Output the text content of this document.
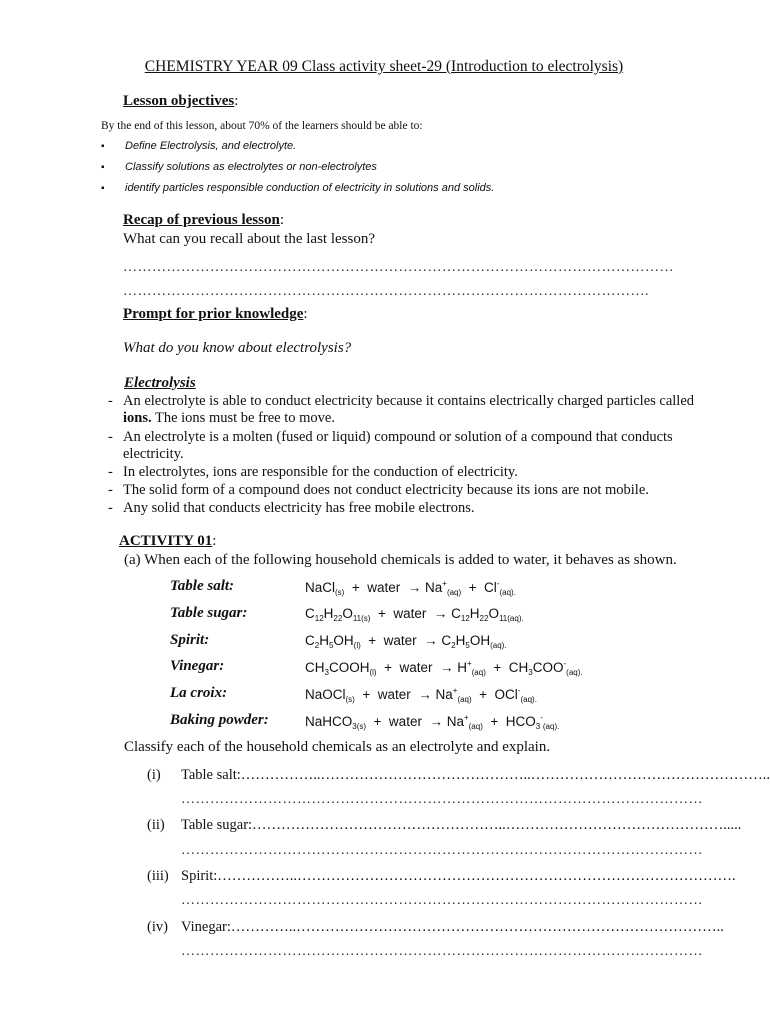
CHEMISTRY YEAR 09 Class activity sheet-29 (Introduction to electrolysis)
Lesson objectives:
By the end of this lesson, about 70% of the learners should be able to:
▪ Define Electrolysis, and electrolyte.
▪ Classify solutions as electrolytes or non-electrolytes
▪ identify particles responsible conduction of electricity in solutions and solids.
Recap of previous lesson:
What can you recall about the last lesson?
……………………………………………………………………………………………………
……………………………………………………………………………………………….
Prompt for prior knowledge:
What do you know about electrolysis?
Electrolysis
- An electrolyte is able to conduct electricity because it contains electrically charged particles called ions. The ions must be free to move.
- An electrolyte is a molten (fused or liquid) compound or solution of a compound that conducts electricity.
- In electrolytes, ions are responsible for the conduction of electricity.
- The solid form of a compound does not conduct electricity because its ions are not mobile.
- Any solid that conducts electricity has free mobile electrons.
ACTIVITY 01:
(a) When each of the following household chemicals is added to water, it behaves as shown.
Table salt:	NaCl$_{(s)}$  +  water  → $Na^+_{(aq)} + Cl^-_{(aq).}$
Table sugar:	$C_{12}H_{22}O_{11(s)}$  +  water  → $C_{12}H_{22}O_{11(aq).}$
Spirit:	$C_2H_5OH_{(l)}$  +  water  → $C_2H_5OH_{(aq).}$
Vinegar:	$CH_3COOH_{(l)}$  +  water  → $H^+_{(aq)} + CH_3COO^-_{(aq).}$
La croix:	NaOCl$_{(s)}$  +  water  → $Na^+_{(aq)} + OCl^-_{(aq).}$
Baking powder:	NaHCO$_{3(s)}$  +  water  → $Na^+_{(aq)} + HCO_3^-_{(aq).}$
Classify each of the household chemicals as an electrolyte and explain.
(i) Table salt:……………..……………………………………..…………………………………………..
………………………………………………………………………………………………
(ii) Table sugar:……………………………………………..……………………………………….....
………………………………………………………………………………………………
(iii) Spirit:……………..……………………………………………………………………………….
………………………………………………………………………………………………
(iv) Vinegar:…………..……………………………………………………………………………..
………………………………………………………………………………………………
